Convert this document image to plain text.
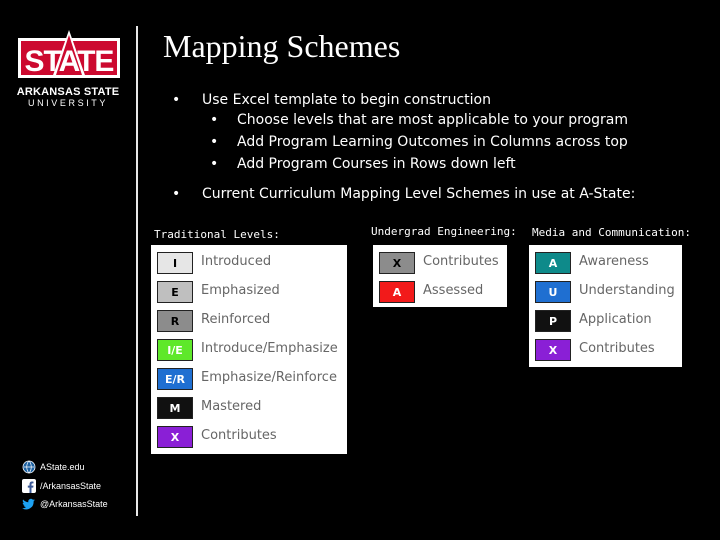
STATE
ARKANSAS STATE
UNIVERSITY
AState.edu
/ArkansasState
@ArkansasState
Mapping Schemes
• Use Excel template to begin construction
• Choose levels that are most applicable to your program
• Add Program Learning Outcomes in Columns across top
• Add Program Courses in Rows down left
• Current Curriculum Mapping Level Schemes in use at A-State:
Traditional Levels:	Undergrad Engineering: Media and Communication:
I	Introduced
E	Emphasized
R	Reinforced
I/E	Introduce/Emphasize
E/R	Emphasize/Reinforce
M	Mastered
X	Contributes
X	Contributes
A	Assessed
A	Awareness
U	Understanding
P	Application
X	Contributes
